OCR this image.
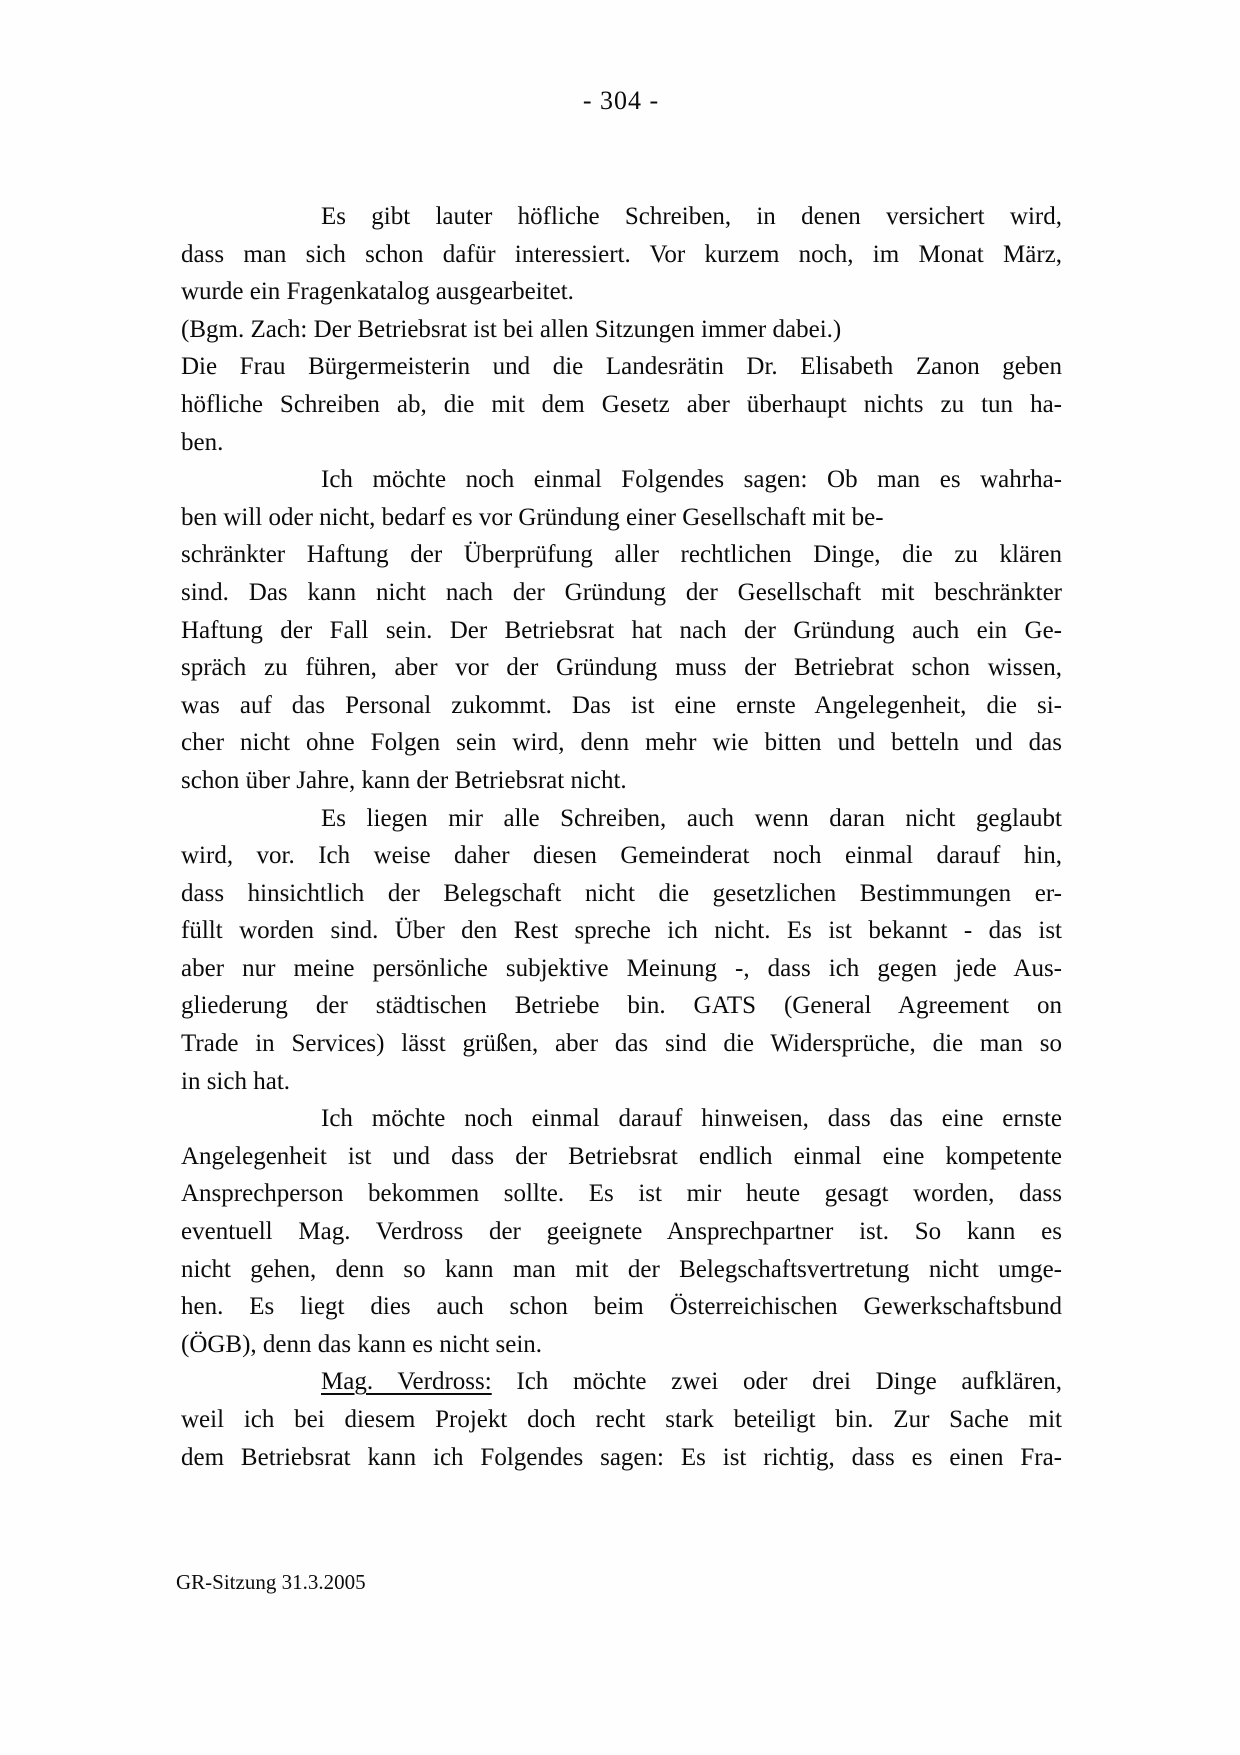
- 304 -
Es gibt lauter höfliche Schreiben, in denen versichert wird,
dass man sich schon dafür interessiert. Vor kurzem noch, im Monat März,
wurde ein Fragenkatalog ausgearbeitet.
(Bgm. Zach: Der Betriebsrat ist bei allen Sitzungen immer dabei.)
Die Frau Bürgermeisterin und die Landesrätin Dr. Elisabeth Zanon geben
höfliche Schreiben ab, die mit dem Gesetz aber überhaupt nichts zu tun ha-
ben.
Ich möchte noch einmal Folgendes sagen: Ob man es wahrha-
ben will oder nicht, bedarf es vor Gründung einer Gesellschaft mit be-
schränkter Haftung der Überprüfung aller rechtlichen Dinge, die zu klären
sind. Das kann nicht nach der Gründung der Gesellschaft mit beschränkter
Haftung der Fall sein. Der Betriebsrat hat nach der Gründung auch ein Ge-
spräch zu führen, aber vor der Gründung muss der Betriebrat schon wissen,
was auf das Personal zukommt. Das ist eine ernste Angelegenheit, die si-
cher nicht ohne Folgen sein wird, denn mehr wie bitten und betteln und das
schon über Jahre, kann der Betriebsrat nicht.
Es liegen mir alle Schreiben, auch wenn daran nicht geglaubt
wird, vor. Ich weise daher diesen Gemeinderat noch einmal darauf hin,
dass hinsichtlich der Belegschaft nicht die gesetzlichen Bestimmungen er-
füllt worden sind. Über den Rest spreche ich nicht. Es ist bekannt - das ist
aber nur meine persönliche subjektive Meinung -, dass ich gegen jede Aus-
gliederung der städtischen Betriebe bin. GATS (General Agreement on
Trade in Services) lässt grüßen, aber das sind die Widersprüche, die man so
in sich hat.
Ich möchte noch einmal darauf hinweisen, dass das eine ernste
Angelegenheit ist und dass der Betriebsrat endlich einmal eine kompetente
Ansprechperson bekommen sollte. Es ist mir heute gesagt worden, dass
eventuell Mag. Verdross der geeignete Ansprechpartner ist. So kann es
nicht gehen, denn so kann man mit der Belegschaftsvertretung nicht umge-
hen. Es liegt dies auch schon beim Österreichischen Gewerkschaftsbund
(ÖGB), denn das kann es nicht sein.
Mag. Verdross: Ich möchte zwei oder drei Dinge aufklären,
weil ich bei diesem Projekt doch recht stark beteiligt bin. Zur Sache mit
dem Betriebsrat kann ich Folgendes sagen: Es ist richtig, dass es einen Fra-
GR-Sitzung 31.3.2005
